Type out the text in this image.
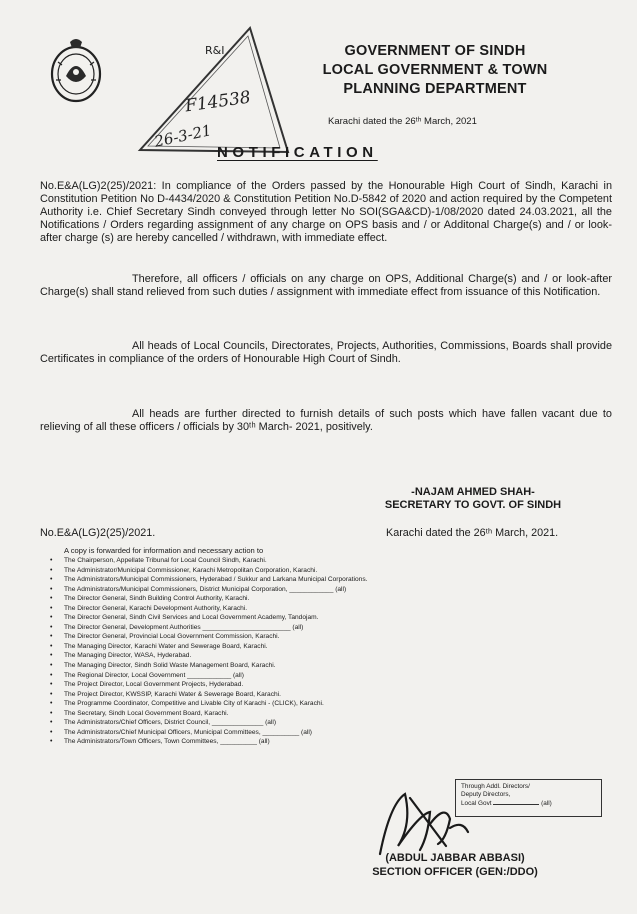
R&I
F14538
26-3-21
GOVERNMENT OF SINDH
LOCAL GOVERNMENT & TOWN
PLANNING DEPARTMENT
Karachi dated the 26ᵗʰ March, 2021
NOTIFICATION
No.E&A(LG)2(25)/2021: In compliance of the Orders passed by the Honourable High Court of Sindh, Karachi in Constitution Petition No D-4434/2020 & Constitution Petition No.D-5842 of 2020 and action required by the Competent Authority i.e. Chief Secretary Sindh conveyed through letter No SOI(SGA&CD)-1/08/2020 dated 24.03.2021, all the Notifications / Orders regarding assignment of any charge on OPS basis and / or Additonal Charge(s) and / or look-after charge (s) are hereby cancelled / withdrawn, with immediate effect.
Therefore, all officers / officials on any charge on OPS, Additional Charge(s) and / or look-after Charge(s) shall stand relieved from such duties / assignment with immediate effect from issuance of this Notification.
All heads of Local Councils, Directorates, Projects, Authorities, Commissions, Boards shall provide Certificates in compliance of the orders of Honourable High Court of Sindh.
All heads are further directed to furnish details of such posts which have fallen vacant due to relieving of all these officers / officials by 30ᵗʰ March- 2021, positively.
-NAJAM AHMED SHAH-
SECRETARY TO GOVT. OF SINDH
No.E&A(LG)2(25)/2021.	Karachi dated the 26ᵗʰ March, 2021.
A copy is forwarded for information and necessary action to
• The Chairperson, Appellate Tribunal for Local Council Sindh, Karachi.
• The Administrator/Municipal Commissioner, Karachi Metropolitan Corporation, Karachi.
• The Administrators/Municipal Commissioners, Hyderabad / Sukkur and Larkana Municipal Corporations.
• The Administrators/Municipal Commissioners, District Municipal Corporation, ____________ (all)
• The Director General, Sindh Building Control Authority, Karachi.
• The Director General, Karachi Development Authority, Karachi.
• The Director General, Sindh Civil Services and Local Government Academy, Tandojam.
• The Director General, Development Authorities ________________________ (all)
• The Director General, Provincial Local Government Commission, Karachi.
• The Managing Director, Karachi Water and Sewerage Board, Karachi.
• The Managing Director, WASA, Hyderabad.
• The Managing Director, Sindh Solid Waste Management Board, Karachi.
• The Regional Director, Local Government ____________ (all)
• The Project Director, Local Government Projects, Hyderabad.
• The Project Director, KWSSIP, Karachi Water & Sewerage Board, Karachi.
• The Programme Coordinator, Competitive and Livable City of Karachi - (CLICK), Karachi.
• The Secretary, Sindh Local Government Board, Karachi.
• The Administrators/Chief Officers, District Council, ______________ (all)
• The Administrators/Chief Municipal Officers, Municipal Committees, __________ (all)
• The Administrators/Town Officers, Town Committees, __________ (all)
Through Addl. Directors/
Deputy Directors,
Local Govt	(all)
(ABDUL JABBAR ABBASI)
SECTION OFFICER (GEN:/DDO)
